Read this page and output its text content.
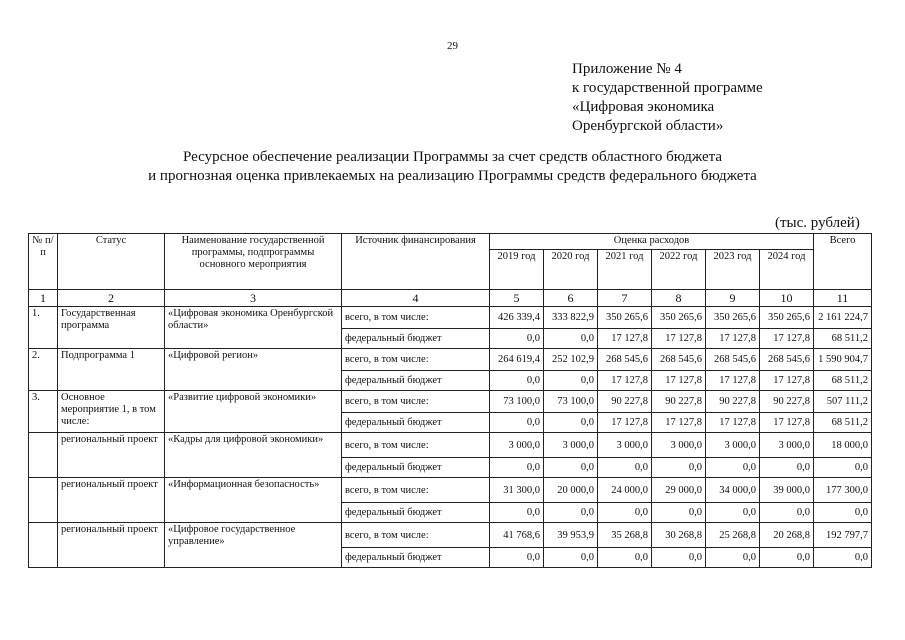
29
Приложение № 4
к государственной программе
«Цифровая экономика
Оренбургской области»
Ресурсное обеспечение реализации Программы за счет средств областного бюджета
и прогнозная оценка привлекаемых на реализацию Программы средств федерального бюджета
(тыс. рублей)
№ п/п	Статус	Наименование государственной программы, подпрограммы основного мероприятия	Источник финансирования	Оценка расходов						Всего
				2019 год	2020 год	2021 год	2022 год	2023 год	2024 год	
1	2	3	4	5	6	7	8	9	10	11
1.	Государственная программа	«Цифровая экономика Оренбургской области»	всего, в том числе:	426 339,4	333 822,9	350 265,6	350 265,6	350 265,6	350 265,6	2 161 224,7
			федеральный бюджет	0,0	0,0	17 127,8	17 127,8	17 127,8	17 127,8	68 511,2
2.	Подпрограмма 1	«Цифровой регион»	всего, в том числе:	264 619,4	252 102,9	268 545,6	268 545,6	268 545,6	268 545,6	1 590 904,7
			федеральный бюджет	0,0	0,0	17 127,8	17 127,8	17 127,8	17 127,8	68 511,2
3.	Основное мероприятие 1, в том числе:	«Развитие цифровой экономики»	всего, в том числе:	73 100,0	73 100,0	90 227,8	90 227,8	90 227,8	90 227,8	507 111,2
			федеральный бюджет	0,0	0,0	17 127,8	17 127,8	17 127,8	17 127,8	68 511,2
	региональный проект	«Кадры для цифровой экономики»	всего, в том числе:	3 000,0	3 000,0	3 000,0	3 000,0	3 000,0	3 000,0	18 000,0
			федеральный бюджет	0,0	0,0	0,0	0,0	0,0	0,0	0,0
	региональный проект	«Информационная безопасность»	всего, в том числе:	31 300,0	20 000,0	24 000,0	29 000,0	34 000,0	39 000,0	177 300,0
			федеральный бюджет	0,0	0,0	0,0	0,0	0,0	0,0	0,0
	региональный проект	«Цифровое государственное управление»	всего, в том числе:	41 768,6	39 953,9	35 268,8	30 268,8	25 268,8	20 268,8	192 797,7
			федеральный бюджет	0,0	0,0	0,0	0,0	0,0	0,0	0,0
